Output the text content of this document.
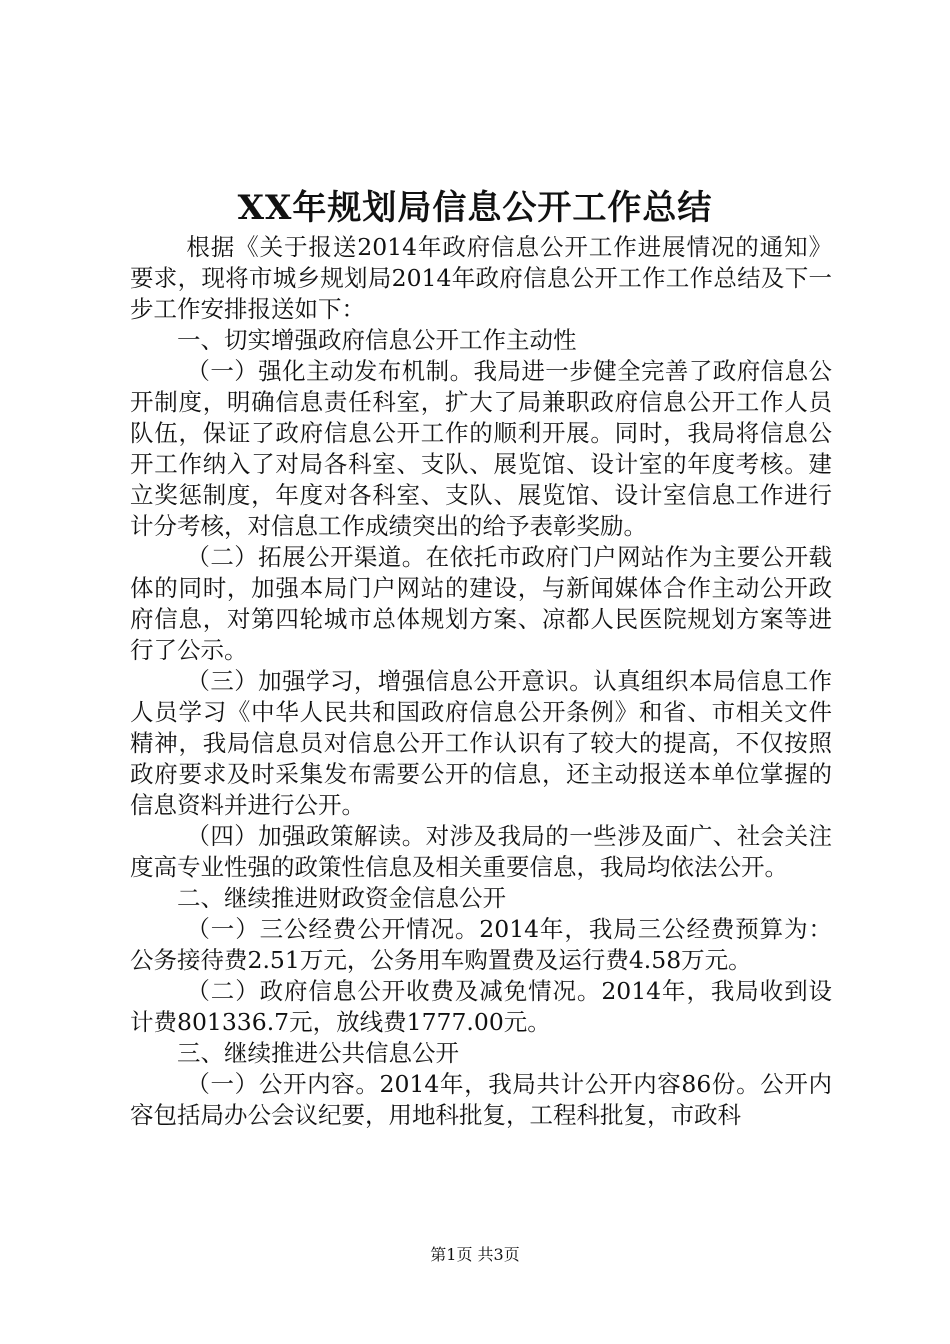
XX年规划局信息公开工作总结

根据《关于报送2014年政府信息公开工作进展情况的通知》要求，现将市城乡规划局2014年政府信息公开工作工作总结及下一步工作安排报送如下：

一、切实增强政府信息公开工作主动性

（一）强化主动发布机制。我局进一步健全完善了政府信息公开制度，明确信息责任科室，扩大了局兼职政府信息公开工作人员队伍，保证了政府信息公开工作的顺利开展。同时，我局将信息公开工作纳入了对局各科室、支队、展览馆、设计室的年度考核。建立奖惩制度，年度对各科室、支队、展览馆、设计室信息工作进行计分考核，对信息工作成绩突出的给予表彰奖励。

（二）拓展公开渠道。在依托市政府门户网站作为主要公开载体的同时，加强本局门户网站的建设，与新闻媒体合作主动公开政府信息，对第四轮城市总体规划方案、凉都人民医院规划方案等进行了公示。

（三）加强学习，增强信息公开意识。认真组织本局信息工作人员学习《中华人民共和国政府信息公开条例》和省、市相关文件精神，我局信息员对信息公开工作认识有了较大的提高，不仅按照政府要求及时采集发布需要公开的信息，还主动报送本单位掌握的信息资料并进行公开。

（四）加强政策解读。对涉及我局的一些涉及面广、社会关注度高专业性强的政策性信息及相关重要信息，我局均依法公开。

二、继续推进财政资金信息公开

（一）三公经费公开情况。2014年，我局三公经费预算为：公务接待费2.51万元，公务用车购置费及运行费4.58万元。

（二）政府信息公开收费及减免情况。2014年，我局收到设计费801336.7元，放线费1777.00元。

三、继续推进公共信息公开

（一）公开内容。2014年，我局共计公开内容86份。公开内容包括局办公会议纪要，用地科批复，工程科批复，市政科

第1页 共3页
